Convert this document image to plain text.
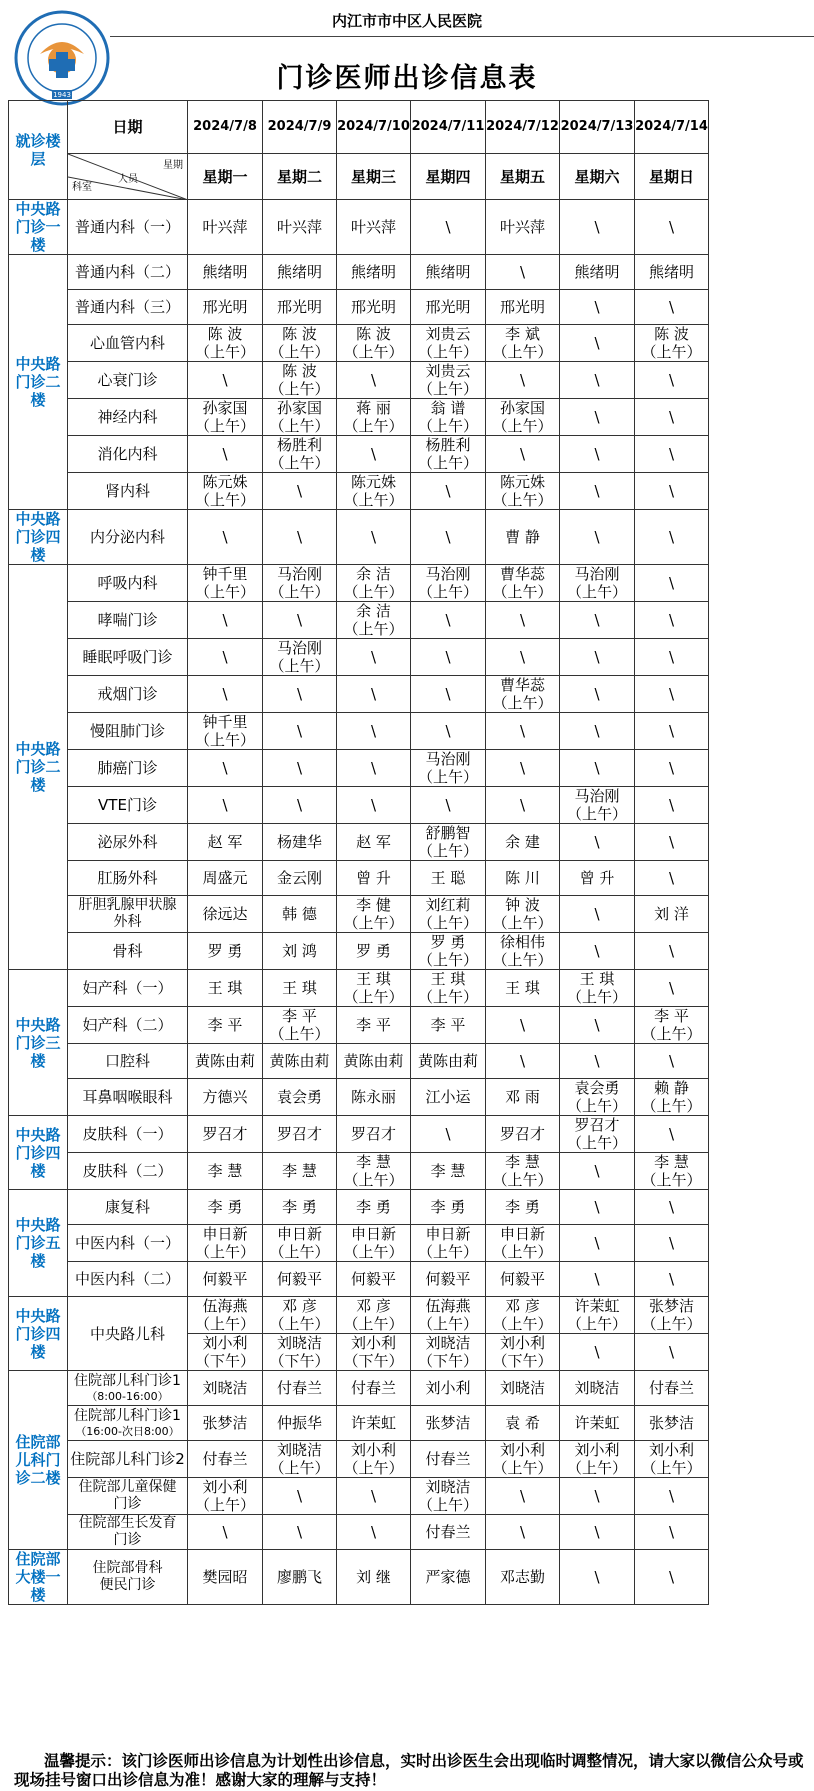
1943
内江市市中区人民医院
门诊医师出诊信息表
就诊楼层	日期	2024/7/8	2024/7/9	2024/7/10	2024/7/11	2024/7/12	2024/7/13	2024/7/14

	星期
人员
科室	星期一	星期二	星期三	星期四	星期五	星期六	星期日
中央路门诊一楼	普通内科（一）	叶兴萍	叶兴萍	叶兴萍	\	叶兴萍	\	\
中央路门诊二楼	普通内科（二）	熊绪明	熊绪明	熊绪明	熊绪明	\	熊绪明	熊绪明
	普通内科（三）	邢光明	邢光明	邢光明	邢光明	邢光明	\	\
	心血管内科	陈 波
（上午）	陈 波
（上午）	陈 波
（上午）	刘贵云
（上午）	李 斌
（上午）	\	陈 波
（上午）
	心衰门诊	\	陈 波
（上午）	\	刘贵云
（上午）	\	\	\
	神经内科	孙家国
（上午）	孙家国
（上午）	蒋 丽
（上午）	翁 谱
（上午）	孙家国
（上午）	\	\
	消化内科	\	杨胜利
（上午）	\	杨胜利
（上午）	\	\	\
	肾内科	陈元姝
（上午）	\	陈元姝
（上午）	\	陈元姝
（上午）	\	\
中央路门诊四楼	内分泌内科	\	\	\	\	曹 静	\	\
中央路门诊二楼	呼吸内科	钟千里
（上午）	马治刚
（上午）	余 洁
（上午）	马治刚
（上午）	曹华蕊
（上午）	马治刚
（上午）	\
	哮喘门诊	\	\	余 洁
（上午）	\	\	\	\
	睡眠呼吸门诊	\	马治刚
（上午）	\	\	\	\	\
	戒烟门诊	\	\	\	\	曹华蕊
（上午）	\	\
	慢阻肺门诊	钟千里
（上午）	\	\	\	\	\	\
	肺癌门诊	\	\	\	马治刚
（上午）	\	\	\
	VTE门诊	\	\	\	\	\	马治刚
（上午）	\
	泌尿外科	赵 军	杨建华	赵 军	舒鹏智
（上午）	余 建	\	\
	肛肠外科	周盛元	金云刚	曾 升	王 聪	陈 川	曾 升	\
	肝胆乳腺甲状腺
外科	徐远达	韩 德	李 健
（上午）	刘红莉
（上午）	钟 波
（上午）	\	刘 洋
	骨科	罗 勇	刘 鸿	罗 勇	罗 勇
（上午）	徐相伟
（上午）	\	\
中央路门诊三楼	妇产科（一）	王 琪	王 琪	王 琪
（上午）	王 琪
（上午）	王 琪	王 琪
（上午）	\
	妇产科（二）	李 平	李 平
（上午）	李 平	李 平	\	\	李 平
（上午）
	口腔科	黄陈由莉	黄陈由莉	黄陈由莉	黄陈由莉	\	\	\
	耳鼻咽喉眼科	方德兴	袁会勇	陈永丽	江小运	邓 雨	袁会勇
（上午）	赖 静
（上午）
中央路门诊四楼	皮肤科（一）	罗召才	罗召才	罗召才	\	罗召才	罗召才
（上午）	\
	皮肤科（二）	李 慧	李 慧	李 慧
（上午）	李 慧	李 慧
（上午）	\	李 慧
（上午）
中央路门诊五楼	康复科	李 勇	李 勇	李 勇	李 勇	李 勇	\	\
	中医内科（一）	申日新
（上午）	申日新
（上午）	申日新
（上午）	申日新
（上午）	申日新
（上午）	\	\
	中医内科（二）	何毅平	何毅平	何毅平	何毅平	何毅平	\	\
中央路门诊四楼	中央路儿科	伍海燕
（上午）	邓 彦
（上午）	邓 彦
（上午）	伍海燕
（上午）	邓 彦
（上午）	许茉虹
（上午）	张梦洁
（上午）
		刘小利
（下午）	刘晓洁
（下午）	刘小利
（下午）	刘晓洁
（下午）	刘小利
（下午）	\	\
住院部儿科门诊二楼	住院部儿科门诊1
（8:00-16:00）	刘晓洁	付春兰	付春兰	刘小利	刘晓洁	刘晓洁	付春兰
	住院部儿科门诊1
（16:00-次日8:00）	张梦洁	仲振华	许茉虹	张梦洁	袁 希	许茉虹	张梦洁
	住院部儿科门诊2	付春兰	刘晓洁
（上午）	刘小利
（上午）	付春兰	刘小利
（上午）	刘小利
（上午）	刘小利
（上午）
	住院部儿童保健
门诊	刘小利
（上午）	\	\	刘晓洁
（上午）	\	\	\
	住院部生长发育
门诊	\	\	\	付春兰	\	\	\
住院部大楼一楼	住院部骨科
便民门诊	樊园昭	廖鹏飞	刘 继	严家德	邓志勤	\	\
温馨提示：该门诊医师出诊信息为计划性出诊信息，实时出诊医生会出现临时调整情况，请大家以微信公众号或现场挂号窗口出诊信息为准！感谢大家的理解与支持！
